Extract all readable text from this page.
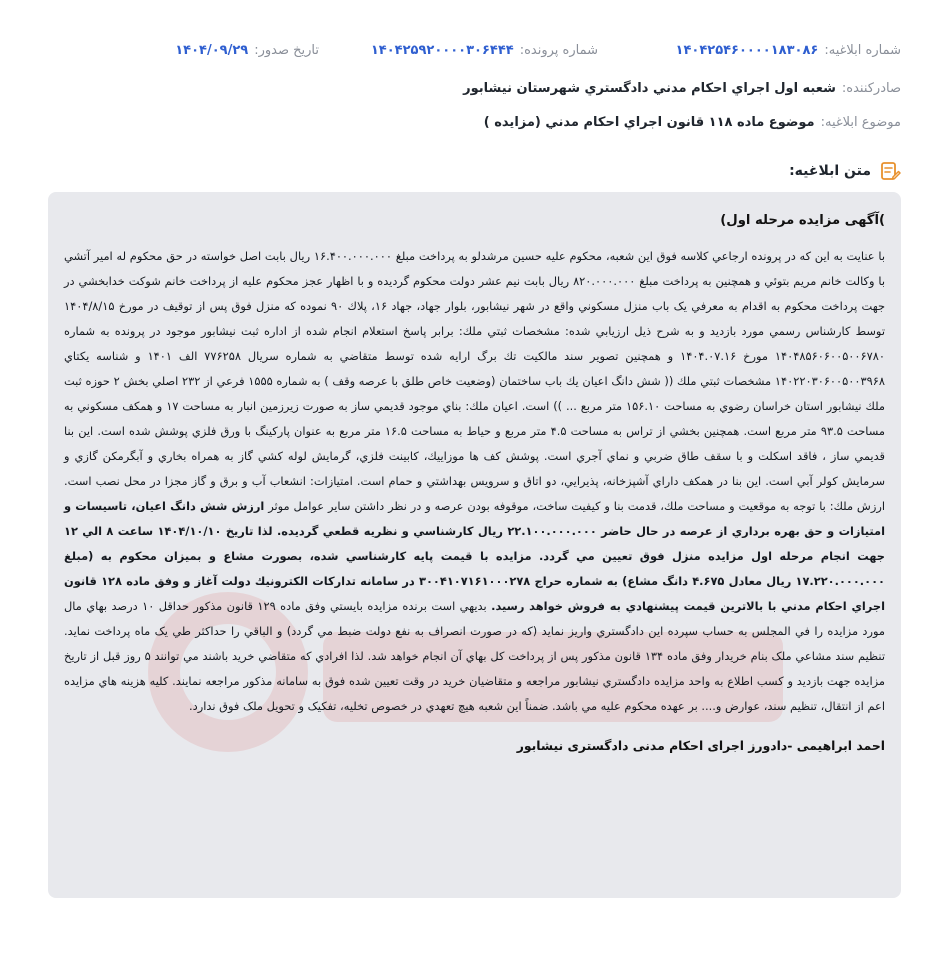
شماره ابلاغيه:۱۴۰۴۲۵۴۶۰۰۰۰۱۸۳۰۸۶
شماره پرونده:۱۴۰۴۲۵۹۲۰۰۰۰۳۰۶۴۴۴
تاريخ صدور:۱۴۰۴/۰۹/۲۹
صادرکننده:شعبه اول اجراي احكام مدني دادگستري شهرستان نيشابور
موضوع ابلاغيه:موضوع ماده ۱۱۸ قانون اجراي احکام مدني (مزايده )
متن ابلاغيه:
)آگهی مزایده مرحله اول)

با عنايت به اين كه در پرونده ارجاعي كلاسه فوق اين شعبه، محكوم عليه حسين مرشدلو به پرداخت مبلغ ۱۶.۴۰۰.۰۰۰.۰۰۰ ريال بابت اصل خواسته در حق محكوم له امير آتشي با وكالت خانم مريم بتوئي و همچنين به پرداخت مبلغ ۸۲۰.۰۰۰.۰۰۰ ريال بابت نيم عشر دولت محكوم گرديده و با اظهار عجز محكوم عليه از پرداخت خانم شوكت خدابخشي در جهت پرداخت محكوم به اقدام به معرفي يک باب منزل مسكوني واقع در شهر نيشابور، بلوار جهاد، جهاد ۱۶، پلاك ۹۰ نموده كه منزل فوق پس از توقيف در مورخ ۱۴۰۴/۸/۱۵ توسط كارشناس رسمي مورد بازديد و به شرح ذيل ارزيابي شده: مشخصات ثبتي ملك: برابر پاسخ استعلام انجام شده از اداره ثبت نيشابور موجود در پرونده به شماره ۱۴۰۴۸۵۶۰۶۰۰۵۰۰۶۷۸۰ مورخ ۱۴۰۴.۰۷.۱۶ و همچنين تصوير سند مالكيت تك برگ ارايه شده توسط متقاضي به شماره سريال ۷۷۶۲۵۸ الف ۱۴۰۱ و شناسه يكتاي ۱۴۰۲۲۰۳۰۶۰۰۵۰۰۳۹۶۸ مشخصات ثبتي ملك (( شش دانگ اعيان يك باب ساختمان (وضعيت خاص طلق با عرصه وقف ) به شماره ۱۵۵۵ فرعي از ۲۳۲ اصلي بخش ۲ حوزه ثبت ملك نيشابور استان خراسان رضوي به مساحت ۱۵۶.۱۰ متر مربع ... )) است. اعيان ملك: بناي موجود قديمي ساز به صورت زيرزمين انبار به مساحت ۱۷ و همكف مسكوني به مساحت ۹۳.۵ متر مربع است. همچنين بخشي از تراس به مساحت ۴.۵ متر مربع و حياط به مساحت ۱۶.۵ متر مربع به عنوان پاركينگ با ورق فلزي پوشش شده است. اين بنا قديمي ساز ، فاقد اسكلت و با سقف طاق ضربي و نماي آجري است. پوشش كف ها موزاييك، كابينت فلزي، گرمايش لوله كشي گاز به همراه بخاري و آبگرمكن گازي و سرمايش كولر آبي است. اين بنا در همكف داراي آشپزخانه، پذيرايي، دو اتاق و سرويس بهداشتي و حمام است. امتيازات: انشعاب آب و برق و گاز مجزا در محل نصب است. ارزش ملك: با توجه به موقعيت و مساحت ملك، قدمت بنا و كيفيت ساخت، موقوفه بودن عرصه و در نظر داشتن ساير عوامل موثر ارزش شش دانگ اعيان، تاسيسات و امتيازات و حق بهره برداري از عرصه در حال حاضر ۲۲.۱۰۰.۰۰۰.۰۰۰ ريال كارشناسي و نظريه قطعي گرديده. لذا تاريخ ۱۴۰۴/۱۰/۱۰ ساعت ۸ الي ۱۲ جهت انجام مرحله اول مزايده منزل فوق تعيين مي گردد. مزايده با قيمت پايه كارشناسي شده، بصورت مشاع و بميزان محكوم به (مبلغ ۱۷.۲۲۰.۰۰۰.۰۰۰ ريال معادل ۴.۶۷۵ دانگ مشاع) به شماره حراج ۳۰۰۴۱۰۷۱۶۱۰۰۰۲۷۸ در سامانه تداركات الكترونيك دولت آغاز و وفق ماده ۱۲۸ قانون اجراي احكام مدني با بالاترين قيمت پيشنهادي به فروش خواهد رسيد. بديهي است برنده مزايده بايستي وفق ماده ۱۲۹ قانون مذكور حداقل ۱۰ درصد بهاي مال مورد مزايده را في المجلس به حساب سپرده اين دادگستري واريز نمايد (كه در صورت انصراف به نفع دولت ضبط مي گردد) و الباقي را حداكثر طي يک ماه پرداخت نمايد. تنظيم سند مشاعي ملک بنام خريدار وفق ماده ۱۳۴ قانون مذكور پس از پرداخت كل بهاي آن انجام خواهد شد. لذا افرادي كه متقاضي خريد باشند مي توانند ۵ روز قبل از تاريخ مزايده جهت بازديد و كسب اطلاع به واحد مزايده دادگستري نيشابور مراجعه و متقاضيان خريد در وقت تعيين شده فوق به سامانه مذكور مراجعه نمايند. كليه هزينه هاي مزايده اعم از انتقال، تنظيم سند، عوارض و.... بر عهده محكوم عليه مي باشد. ضمناً اين شعبه هيچ تعهدي در خصوص تخليه، تفكيک و تحويل ملک فوق ندارد.

احمد ابراهیمی -دادورز اجرای احکام مدنی دادگستری نیشابور
